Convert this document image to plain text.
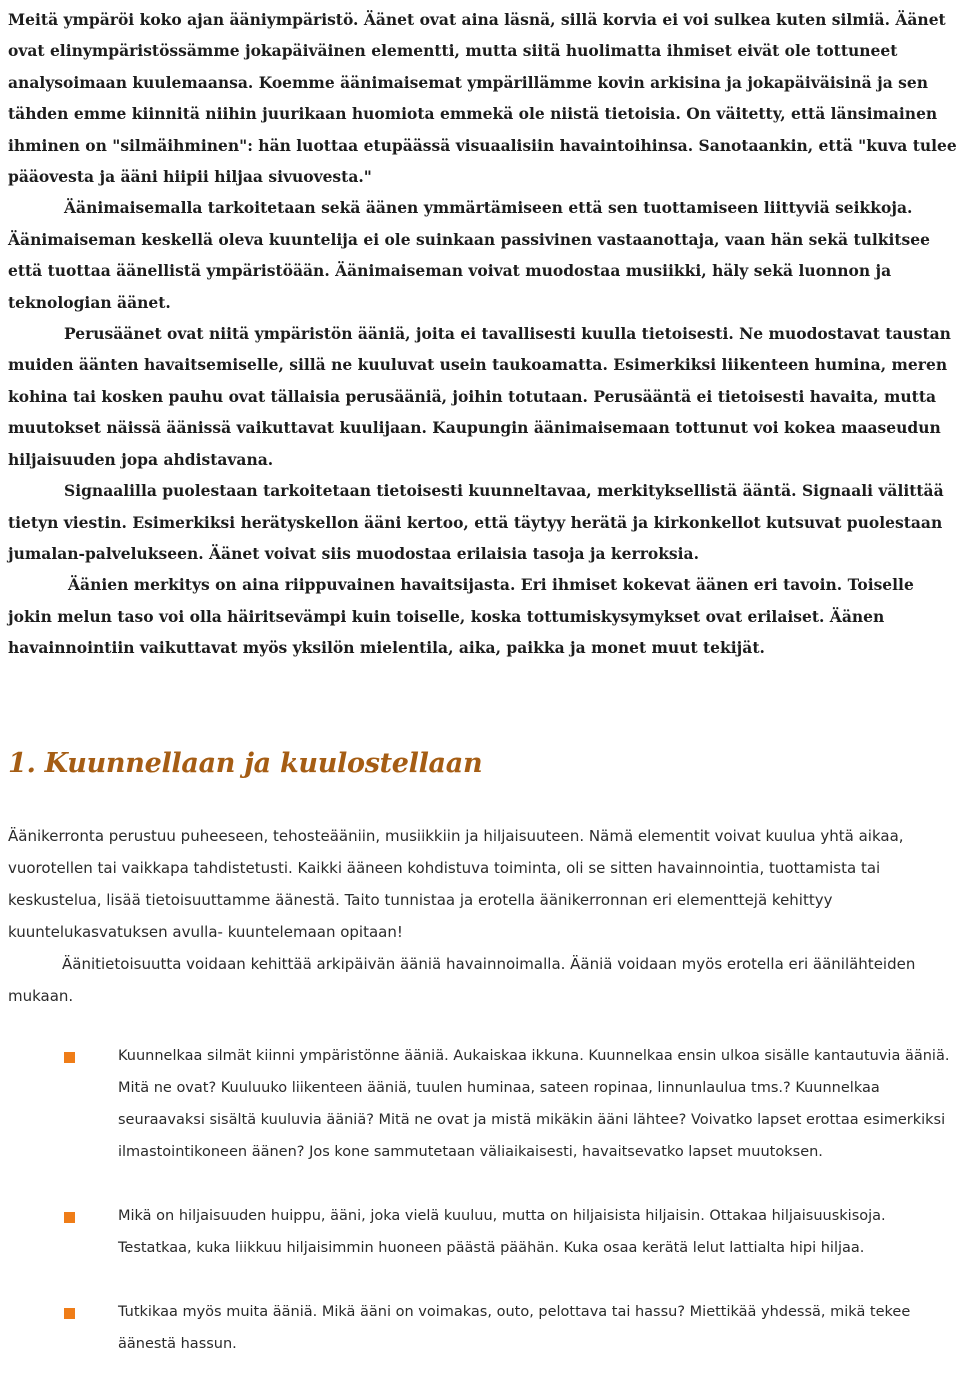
Meitä ympäröi koko ajan ääniympäristö. Äänet ovat aina läsnä, sillä korvia ei voi sulkea kuten silmiä. Äänet ovat elinympäristössämme jokapäiväinen elementti, mutta siitä huolimatta ihmiset eivät ole tottuneet analysoimaan kuulemaansa. Koemme äänimaisemat ympärillämme kovin arkisina ja jokapäiväisinä ja sen tähden emme kiinnitä niihin juurikaan huomiota emmekä ole niistä tietoisia. On väitetty, että länsimainen ihminen on "silmäihminen": hän luottaa etupäässä visuaalisiin havaintoihinsa. Sanotaankin, että "kuva tulee pääovesta ja ääni hiipii hiljaa sivuovesta."

Äänimaisemalla tarkoitetaan sekä äänen ymmärtämiseen että sen tuottamiseen liittyviä seikkoja. Äänimaiseman keskellä oleva kuuntelija ei ole suinkaan passivinen vastaanottaja, vaan hän sekä tulkitsee että tuottaa äänellistä ympäristöään. Äänimaiseman voivat muodostaa musiikki, häly sekä luonnon ja teknologian äänet.

Perusäänet ovat niitä ympäristön ääniä, joita ei tavallisesti kuulla tietoisesti. Ne muodostavat taustan muiden äänten havaitsemiselle, sillä ne kuuluvat usein taukoamatta. Esimerkiksi liikenteen humina, meren kohina tai kosken pauhu ovat tällaisia perusääniä, joihin totutaan. Perusääntä ei tietoisesti havaita, mutta muutokset näissä äänissä vaikuttavat kuulijaan. Kaupungin äänimaisemaan tottunut voi kokea maaseudun hiljaisuuden jopa ahdistavana.

Signaalilla puolestaan tarkoitetaan tietoisesti kuunneltavaa, merkityksellistä ääntä. Signaali välittää tietyn viestin. Esimerkiksi herätyskellon ääni kertoo, että täytyy herätä ja kirkonkellot kutsuvat puolestaan jumalan-palvelukseen. Äänet voivat siis muodostaa erilaisia tasoja ja kerroksia.

Äänien merkitys on aina riippuvainen havaitsijasta. Eri ihmiset kokevat äänen eri tavoin. Toiselle jokin melun taso voi olla häiritsevämpi kuin toiselle, koska tottumiskysymykset ovat erilaiset. Äänen havainnointiin vaikuttavat myös yksilön mielentila, aika, paikka ja monet muut tekijät.

1. Kuunnellaan ja kuulostellaan

Äänikerronta perustuu puheeseen, tehosteääniin, musiikkiin ja hiljaisuuteen. Nämä elementit voivat kuulua yhtä aikaa, vuorotellen tai vaikkapa tahdistetusti. Kaikki ääneen kohdistuva toiminta, oli se sitten havainnointia, tuottamista tai keskustelua, lisää tietoisuuttamme äänestä. Taito tunnistaa ja erotella äänikerronnan eri elementtejä kehittyy kuuntelukasvatuksen avulla- kuuntelemaan opitaan!

Äänitietoisuutta voidaan kehittää arkipäivän ääniä havainnoimalla. Ääniä voidaan myös erotella eri äänilähteiden mukaan.

Kuunnelkaa silmät kiinni ympäristönne ääniä. Aukaiskaa ikkuna. Kuunnelkaa ensin ulkoa sisälle kantautuvia ääniä. Mitä ne ovat? Kuuluuko liikenteen ääniä, tuulen huminaa, sateen ropinaa, linnunlaulua tms.? Kuunnelkaa seuraavaksi sisältä kuuluvia ääniä? Mitä ne ovat ja mistä mikäkin ääni lähtee? Voivatko lapset erottaa esimerkiksi ilmastointikoneen äänen? Jos kone sammutetaan väliaikaisesti, havaitsevatko lapset muutoksen.
Mikä on hiljaisuuden huippu, ääni, joka vielä kuuluu, mutta on hiljaisista hiljaisin. Ottakaa hiljaisuuskisoja. Testatkaa, kuka liikkuu hiljaisimmin huoneen päästä päähän. Kuka osaa kerätä lelut lattialta hipi hiljaa.
Tutkikaa myös muita ääniä. Mikä ääni on voimakas, outo, pelottava tai hassu? Miettikää yhdessä, mikä tekee äänestä hassun.
